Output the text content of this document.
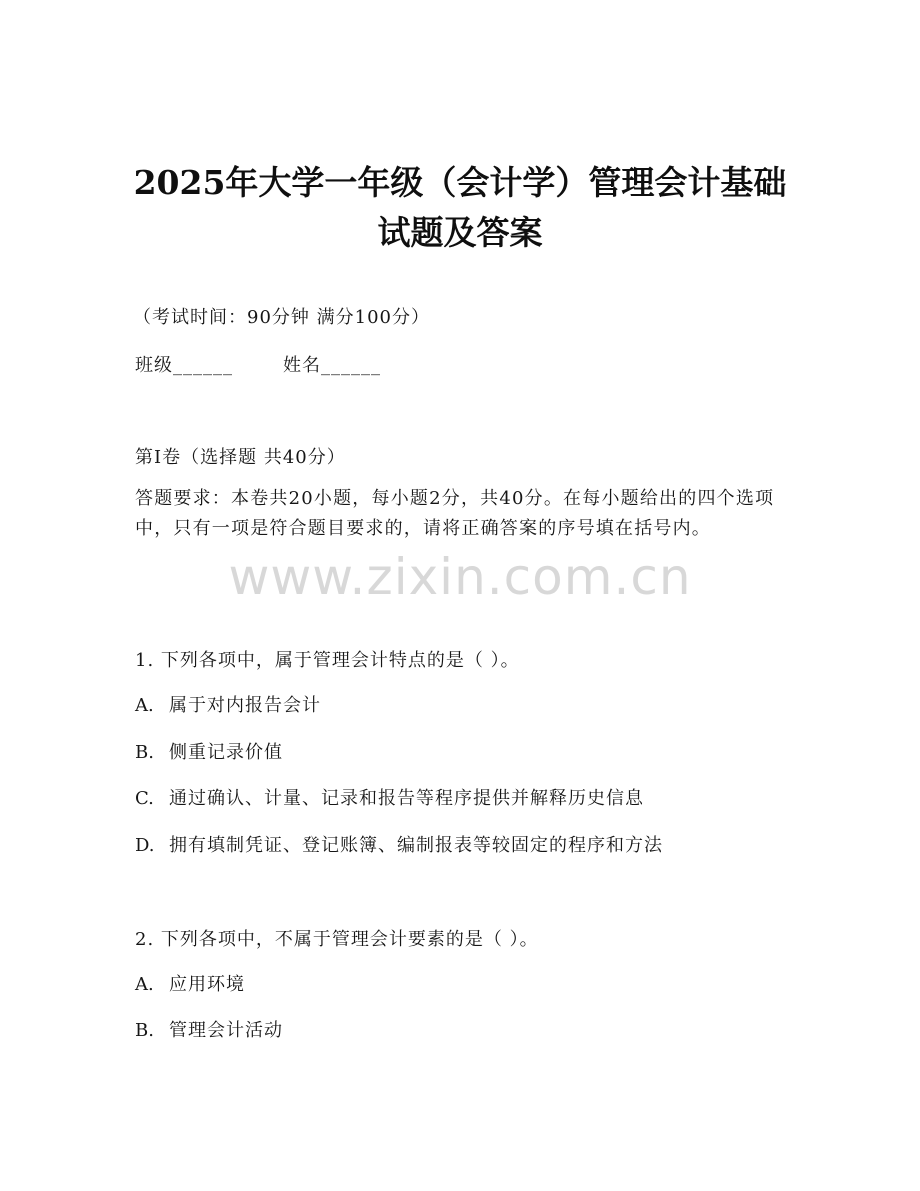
2025年大学一年级（会计学）管理会计基础
试题及答案
（考试时间：90分钟 满分100分）
班级______	姓名______
第I卷（选择题 共40分）
答题要求：本卷共20小题，每小题2分，共40分。在每小题给出的四个选项中，只有一项是符合题目要求的，请将正确答案的序号填在括号内。
www.zixin.com.cn
1. 下列各项中，属于管理会计特点的是（ ）。
A. 属于对内报告会计
B. 侧重记录价值
C. 通过确认、计量、记录和报告等程序提供并解释历史信息
D. 拥有填制凭证、登记账簿、编制报表等较固定的程序和方法
2. 下列各项中，不属于管理会计要素的是（ ）。
A. 应用环境
B. 管理会计活动
